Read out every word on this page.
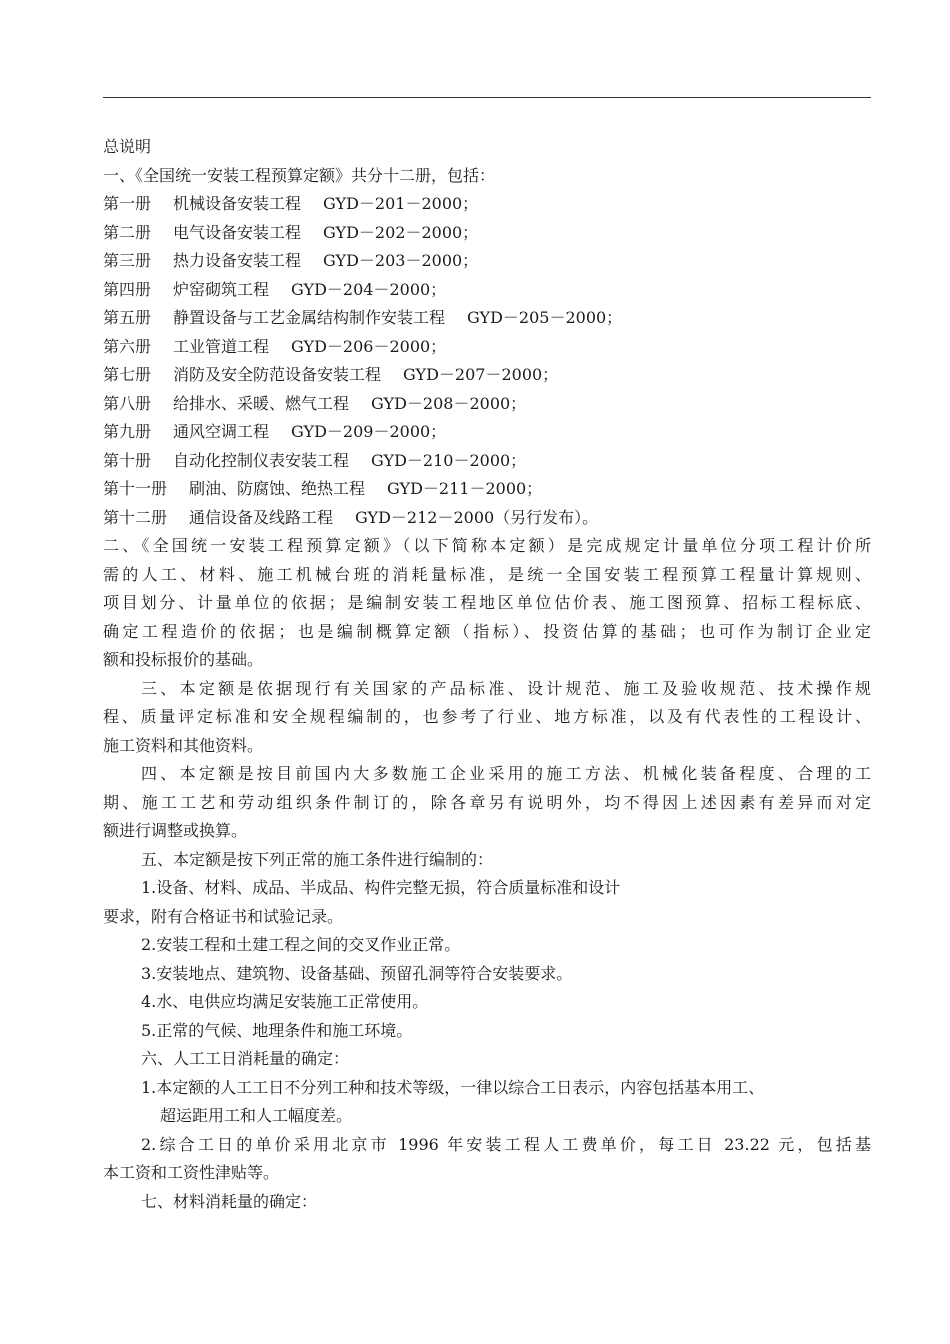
总说明
一、《全国统一安装工程预算定额》共分十二册，包括：
第一册 机械设备安装工程 GYD－201－2000；
第二册 电气设备安装工程 GYD－202－2000；
第三册 热力设备安装工程 GYD－203－2000；
第四册 炉窑砌筑工程 GYD－204－2000；
第五册 静置设备与工艺金属结构制作安装工程 GYD－205－2000；
第六册 工业管道工程 GYD－206－2000；
第七册 消防及安全防范设备安装工程 GYD－207－2000；
第八册 给排水、采暖、燃气工程 GYD－208－2000；
第九册 通风空调工程 GYD－209－2000；
第十册 自动化控制仪表安装工程 GYD－210－2000；
第十一册 刷油、防腐蚀、绝热工程 GYD－211－2000；
第十二册 通信设备及线路工程 GYD－212－2000（另行发布）。
二、《全国统一安装工程预算定额》（以下简称本定额）是完成规定计量单位分项工程计价所
需的人工、材料、施工机械台班的消耗量标准，是统一全国安装工程预算工程量计算规则、
项目划分、计量单位的依据；是编制安装工程地区单位估价表、施工图预算、招标工程标底、
确定工程造价的依据；也是编制概算定额（指标）、投资估算的基础；也可作为制订企业定
额和投标报价的基础。
三、本定额是依据现行有关国家的产品标准、设计规范、施工及验收规范、技术操作规
程、质量评定标准和安全规程编制的，也参考了行业、地方标准，以及有代表性的工程设计、
施工资料和其他资料。
四、本定额是按目前国内大多数施工企业采用的施工方法、机械化装备程度、合理的工
期、施工工艺和劳动组织条件制订的，除各章另有说明外，均不得因上述因素有差异而对定
额进行调整或换算。
五、本定额是按下列正常的施工条件进行编制的：
1.设备、材料、成品、半成品、构件完整无损，符合质量标准和设计
要求，附有合格证书和试验记录。
2.安装工程和土建工程之间的交叉作业正常。
3.安装地点、建筑物、设备基础、预留孔洞等符合安装要求。
4.水、电供应均满足安装施工正常使用。
5.正常的气候、地理条件和施工环境。
六、人工工日消耗量的确定：
1.本定额的人工工日不分列工种和技术等级，一律以综合工日表示，内容包括基本用工、
超运距用工和人工幅度差。
2.综合工日的单价采用北京市 1996 年安装工程人工费单价，每工日 23.22 元，包括基
本工资和工资性津贴等。
七、材料消耗量的确定：
